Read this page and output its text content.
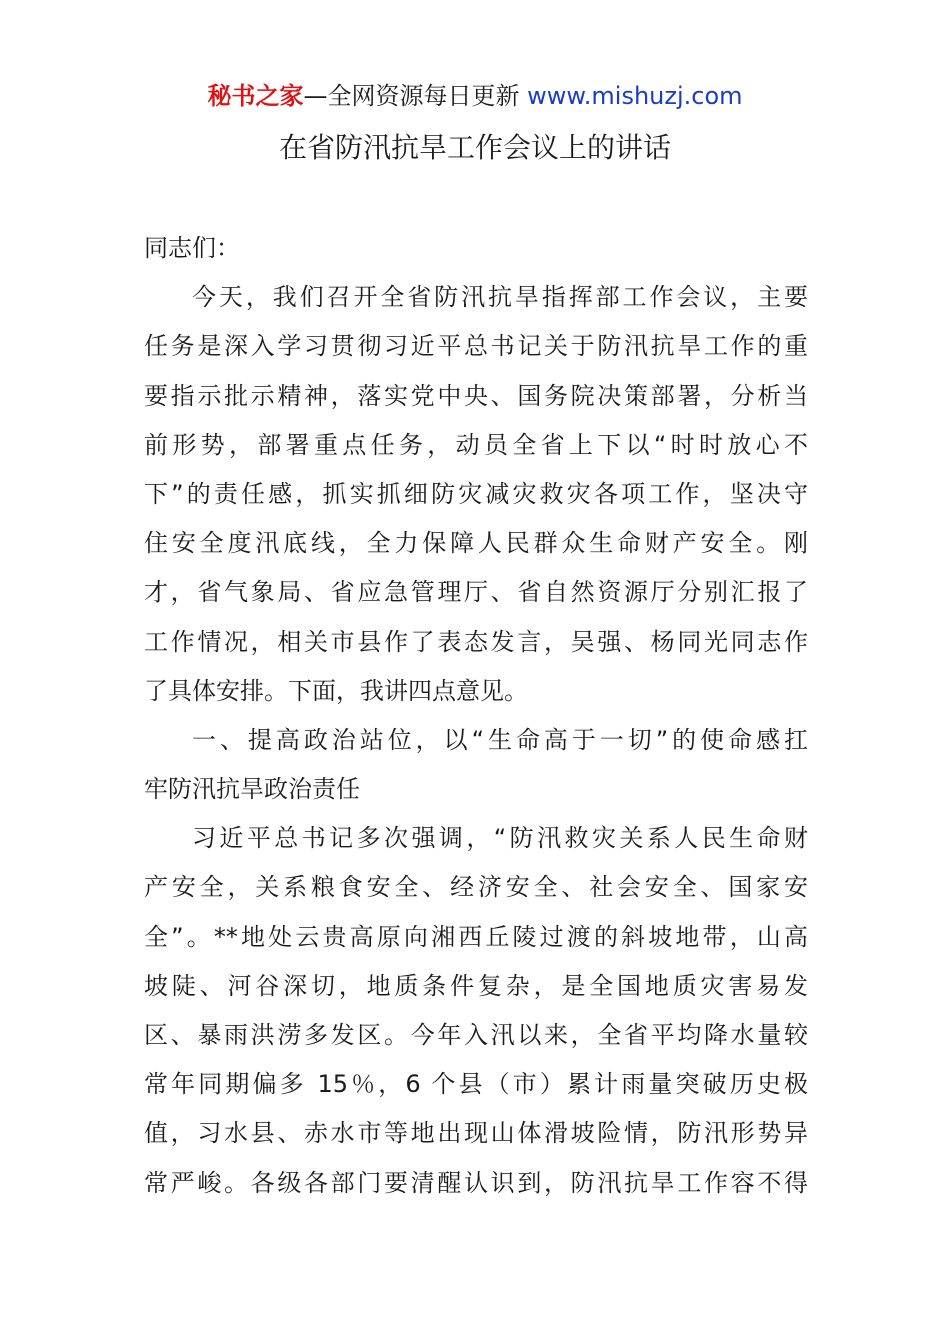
秘书之家—全网资源每日更新 www.mishuzj.com
在省防汛抗旱工作会议上的讲话
同志们：
今天，我们召开全省防汛抗旱指挥部工作会议，主要
任务是深入学习贯彻习近平总书记关于防汛抗旱工作的重
要指示批示精神，落实党中央、国务院决策部署，分析当
前形势，部署重点任务，动员全省上下以“时时放心不
下”的责任感，抓实抓细防灾减灾救灾各项工作，坚决守
住安全度汛底线，全力保障人民群众生命财产安全。刚
才，省气象局、省应急管理厅、省自然资源厅分别汇报了
工作情况，相关市县作了表态发言，吴强、杨同光同志作
了具体安排。下面，我讲四点意见。
一、提高政治站位，以“生命高于一切”的使命感扛
牢防汛抗旱政治责任
习近平总书记多次强调，“防汛救灾关系人民生命财
产安全，关系粮食安全、经济安全、社会安全、国家安
全”。**地处云贵高原向湘西丘陵过渡的斜坡地带，山高
坡陡、河谷深切，地质条件复杂，是全国地质灾害易发
区、暴雨洪涝多发区。今年入汛以来，全省平均降水量较
常年同期偏多 15％，6 个县（市）累计雨量突破历史极
值，习水县、赤水市等地出现山体滑坡险情，防汛形势异
常严峻。各级各部门要清醒认识到，防汛抗旱工作容不得
